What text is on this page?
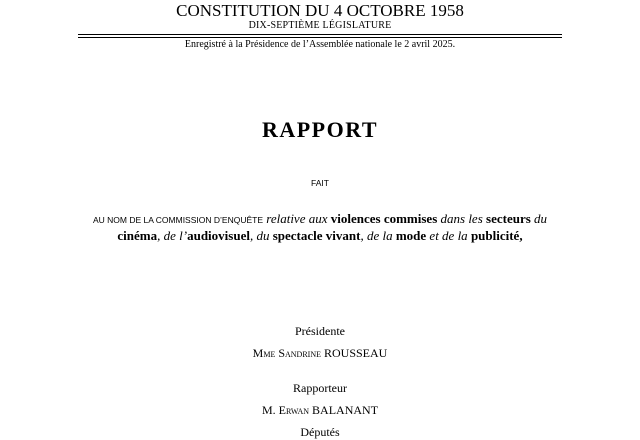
CONSTITUTION DU 4 OCTOBRE 1958
DIX-SEPTIÈME LÉGISLATURE
Enregistré à la Présidence de l’Assemblée nationale le 2 avril 2025.
RAPPORT
FAIT
AU NOM DE LA COMMISSION D’ENQUÊTE relative aux violences commises dans les secteurs du cinéma, de l’audiovisuel, du spectacle vivant, de la mode et de la publicité,
Présidente
Mme Sandrine ROUSSEAU
Rapporteur
M. Erwan BALANANT
Députés
